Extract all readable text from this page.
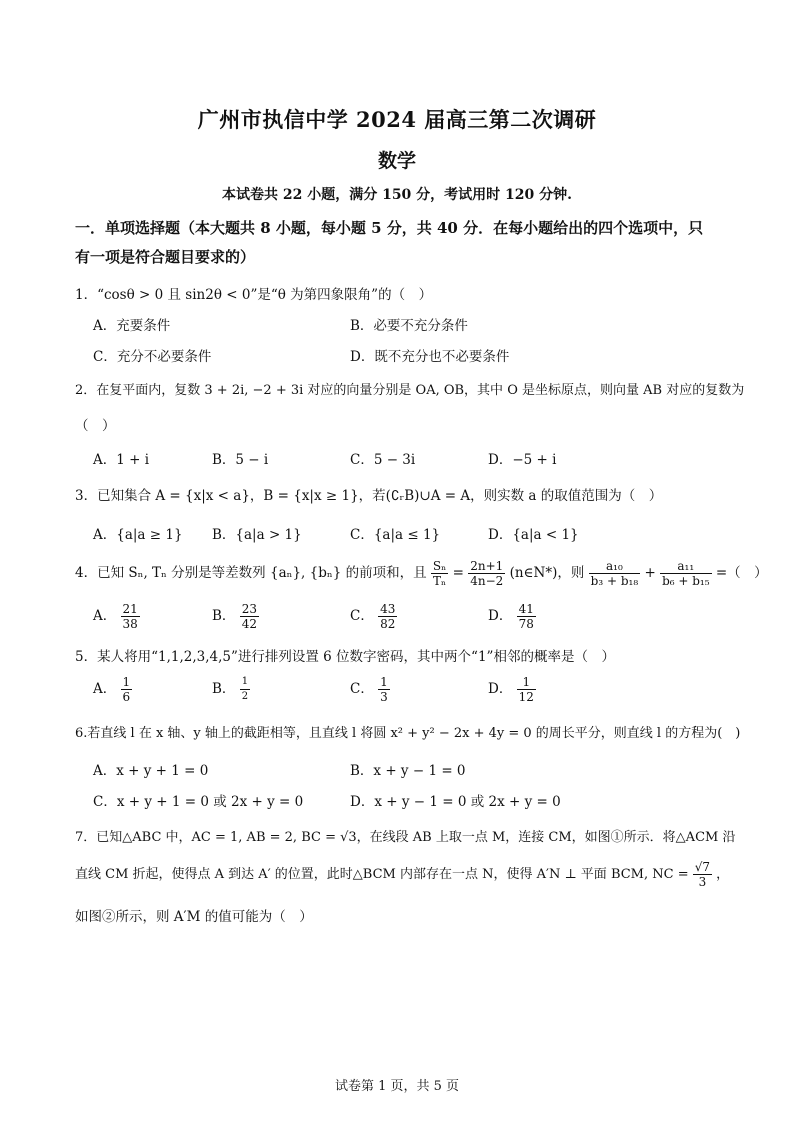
广州市执信中学 2024 届高三第二次调研
数学
本试卷共 22 小题，满分 150 分，考试用时 120 分钟.
一．单项选择题（本大题共 8 小题，每小题 5 分，共 40 分．在每小题给出的四个选项中，只
有一项是符合题目要求的）
1．“cosθ > 0 且 sin2θ < 0”是“θ 为第四象限角”的（　）
A．充要条件	B．必要不充分条件
C．充分不必要条件	D．既不充分也不必要条件
2．在复平面内，复数 3 + 2i, −2 + 3i 对应的向量分别是 OA, OB，其中 O 是坐标原点，则向量 AB 对应的复数为
（　）
A．1 + i	B．5 − i	C．5 − 3i	D．−5 + i
3．已知集合 A = {x|x < a}，B = {x|x ≥ 1}，若(∁ᵣB)∪A = A，则实数 a 的取值范围为（　）
A．{a|a ≥ 1} B．{a|a > 1}	C．{a|a ≤ 1}	D．{a|a < 1}
4．已知 Sₙ, Tₙ 分别是等差数列 {aₙ}, {bₙ} 的前项和，且 $\frac{\text{Sₙ}}{\text{Tₙ}} = \frac{2n+1}{4n-2}$ (n∈N*)，则 $\frac{\text{a₁₀}}{\text{b₃ + b₁₈}} + \frac{\text{a₁₁}}{\text{b₆ + b₁₅}}$ =（　）
A． $\frac{21}{38}$	B． $\frac{23}{42}$	C． $\frac{43}{82}$	D． $\frac{41}{78}$
5．某人将用“1,1,2,3,4,5”进行排列设置 6 位数字密码，其中两个“1”相邻的概率是（　）
A． $\frac{1}{6}$	B． $\frac{1}{2}$	C． $\frac{1}{3}$	D． $\frac{1}{12}$
6.若直线 l 在 x 轴、y 轴上的截距相等，且直线 l 将圆 x² + y² − 2x + 4y = 0 的周长平分，则直线 l 的方程为(　)
A．x + y + 1 = 0	B．x + y − 1 = 0
C．x + y + 1 = 0 或 2x + y = 0	D．x + y − 1 = 0 或 2x + y = 0
7．已知△ABC 中，AC = 1, AB = 2, BC = √3，在线段 AB 上取一点 M，连接 CM，如图①所示．将△ACM 沿
直线 CM 折起，使得点 A 到达 A′ 的位置，此时△BCM 内部存在一点 N，使得 A′N ⊥ 平面 BCM, NC = $\frac{√7}{3}$ ，
如图②所示，则 A′M 的值可能为（　）
试卷第 1 页，共 5 页
